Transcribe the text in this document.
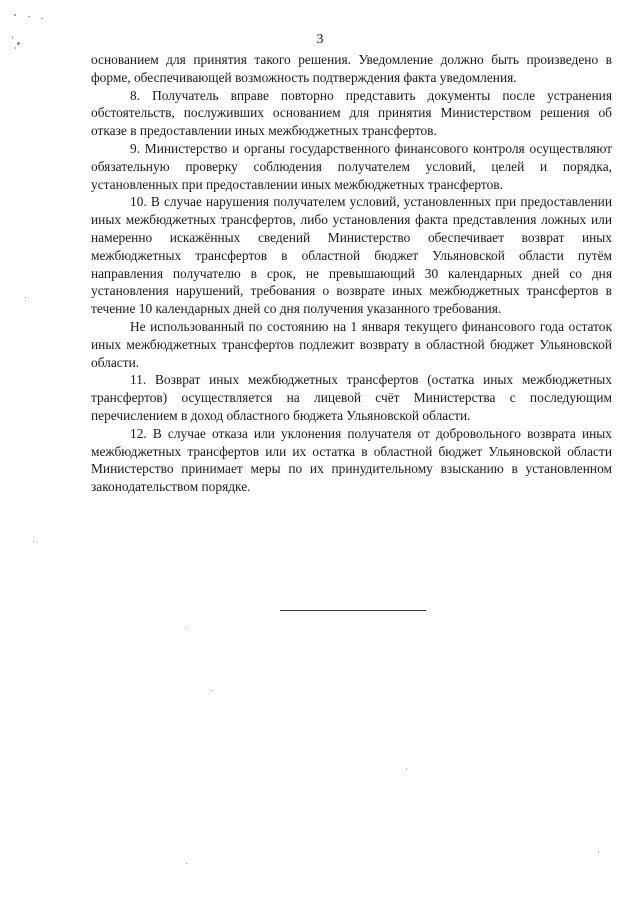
3

основанием для принятия такого решения. Уведомление должно быть произведено в форме, обеспечивающей возможность подтверждения факта уведомления.

8. Получатель вправе повторно представить документы после устранения обстоятельств, послуживших основанием для принятия Министерством решения об отказе в предоставлении иных межбюджетных трансфертов.

9. Министерство и органы государственного финансового контроля осуществляют обязательную проверку соблюдения получателем условий, целей и порядка, установленных при предоставлении иных межбюджетных трансфертов.

10. В случае нарушения получателем условий, установленных при предоставлении иных межбюджетных трансфертов, либо установления факта представления ложных или намеренно искажённых сведений Министерство обеспечивает возврат иных межбюджетных трансфертов в областной бюджет Ульяновской области путём направления получателю в срок, не превышающий 30 календарных дней со дня установления нарушений, требования о возврате иных межбюджетных трансфертов в течение 10 календарных дней со дня получения указанного требования.

Не использованный по состоянию на 1 января текущего финансового года остаток иных межбюджетных трансфертов подлежит возврату в областной бюджет Ульяновской области.

11. Возврат иных межбюджетных трансфертов (остатка иных межбюджетных трансфертов) осуществляется на лицевой счёт Министерства с последующим перечислением в доход областного бюджета Ульяновской области.

12. В случае отказа или уклонения получателя от добровольного возврата иных межбюджетных трансфертов или их остатка в областной бюджет Ульяновской области Министерство принимает меры по их принудительному взысканию в установленном законодательством порядке.
